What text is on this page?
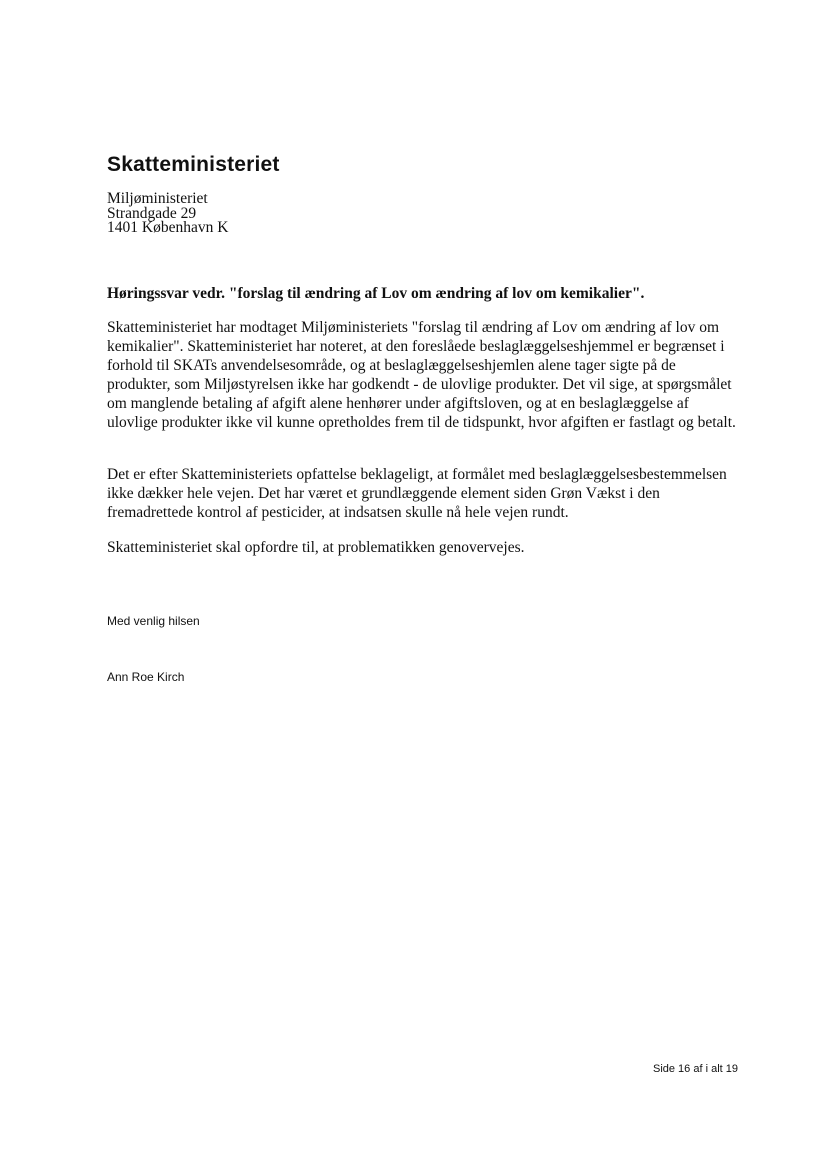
Skatteministeriet
Miljøministeriet
Strandgade 29
1401 København K
Høringssvar vedr. "forslag til ændring af Lov om ændring af lov om kemikalier".
Skatteministeriet har modtaget Miljøministeriets "forslag til ændring af Lov om ændring af lov om kemikalier". Skatteministeriet har noteret, at den foreslåede beslaglæggelseshjemmel er begrænset i forhold til SKATs anvendelsesområde, og at beslaglæggelseshjemlen alene tager sigte på de produkter, som Miljøstyrelsen ikke har godkendt - de ulovlige produkter. Det vil sige, at spørgsmålet om manglende betaling af afgift alene henhører under afgiftsloven, og at en beslaglæggelse af ulovlige produkter ikke vil kunne opretholdes frem til de tidspunkt, hvor afgiften er fastlagt og betalt.
Det er efter Skatteministeriets opfattelse beklageligt, at formålet med beslaglæggelsesbestemmelsen ikke dækker hele vejen. Det har været et grundlæggende element siden Grøn Vækst i den fremadrettede kontrol af pesticider, at indsatsen skulle nå hele vejen rundt.
Skatteministeriet skal opfordre til, at problematikken genovervejes.
Med venlig hilsen
Ann Roe Kirch
Side 16 af i alt 19
